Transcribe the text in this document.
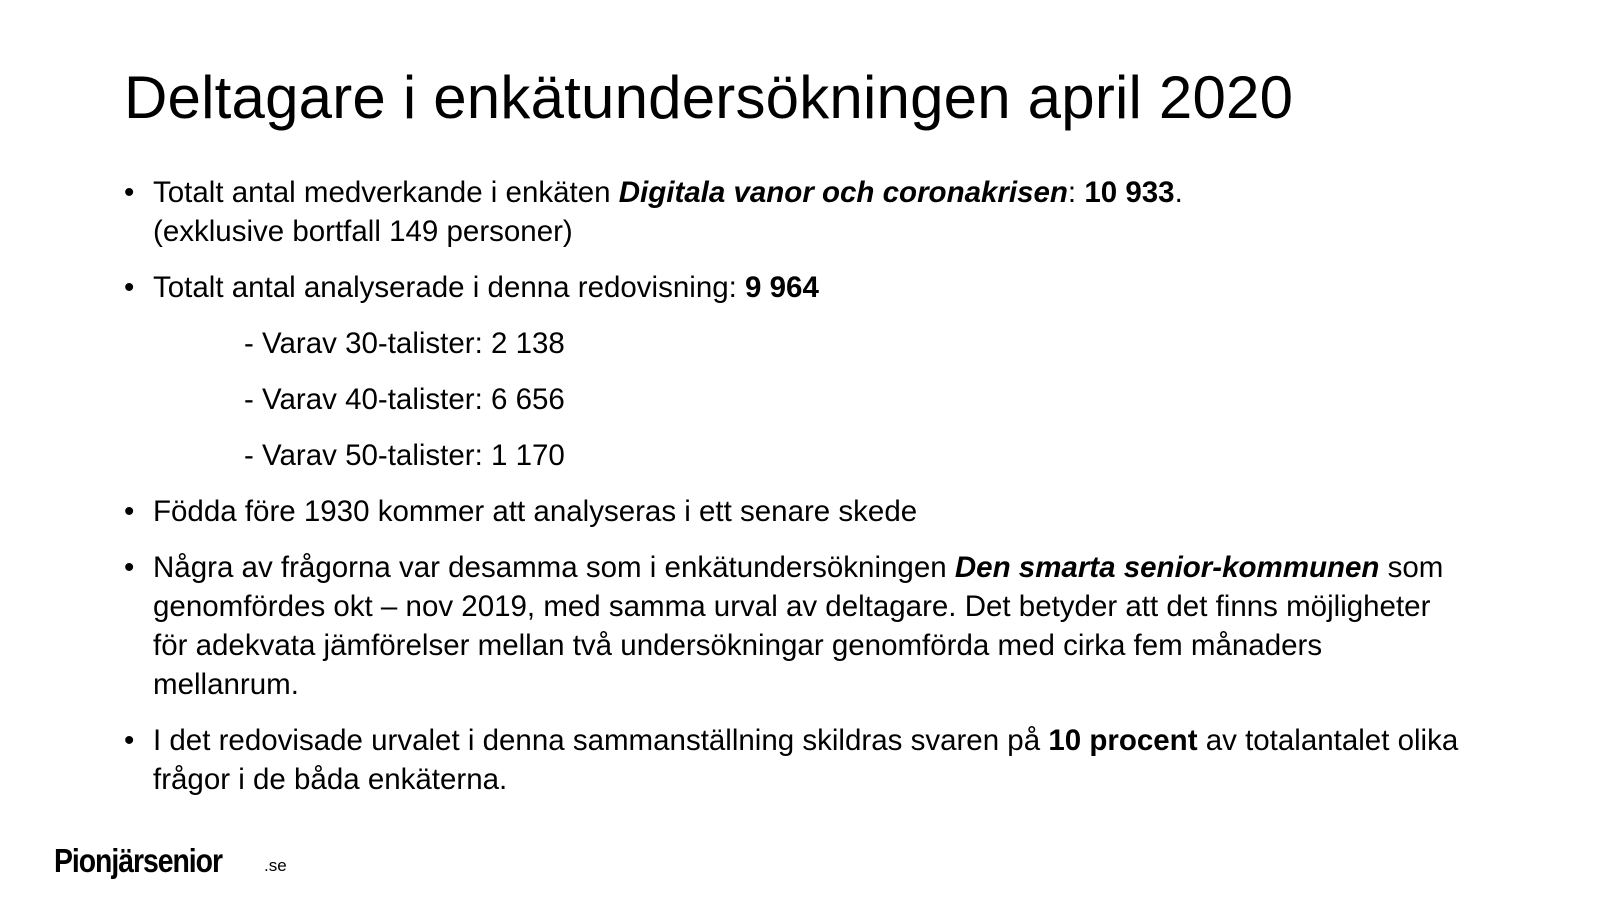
Deltagare i enkätundersökningen april 2020
• Totalt antal medverkande i enkäten Digitala vanor och coronakrisen: 10 933.
(exklusive bortfall 149 personer)
• Totalt antal analyserade i denna redovisning: 9 964
- Varav 30-talister: 2 138
- Varav 40-talister: 6 656
- Varav 50-talister: 1 170
• Födda före 1930 kommer att analyseras i ett senare skede
• Några av frågorna var desamma som i enkätundersökningen Den smarta senior-kommunen som genomfördes okt – nov 2019, med samma urval av deltagare. Det betyder att det finns möjligheter för adekvata jämförelser mellan två undersökningar genomförda med cirka fem månaders mellanrum.
• I det redovisade urvalet i denna sammanställning skildras svaren på 10 procent av totalantalet olika frågor i de båda enkäterna.
Pionjärsenior .se
